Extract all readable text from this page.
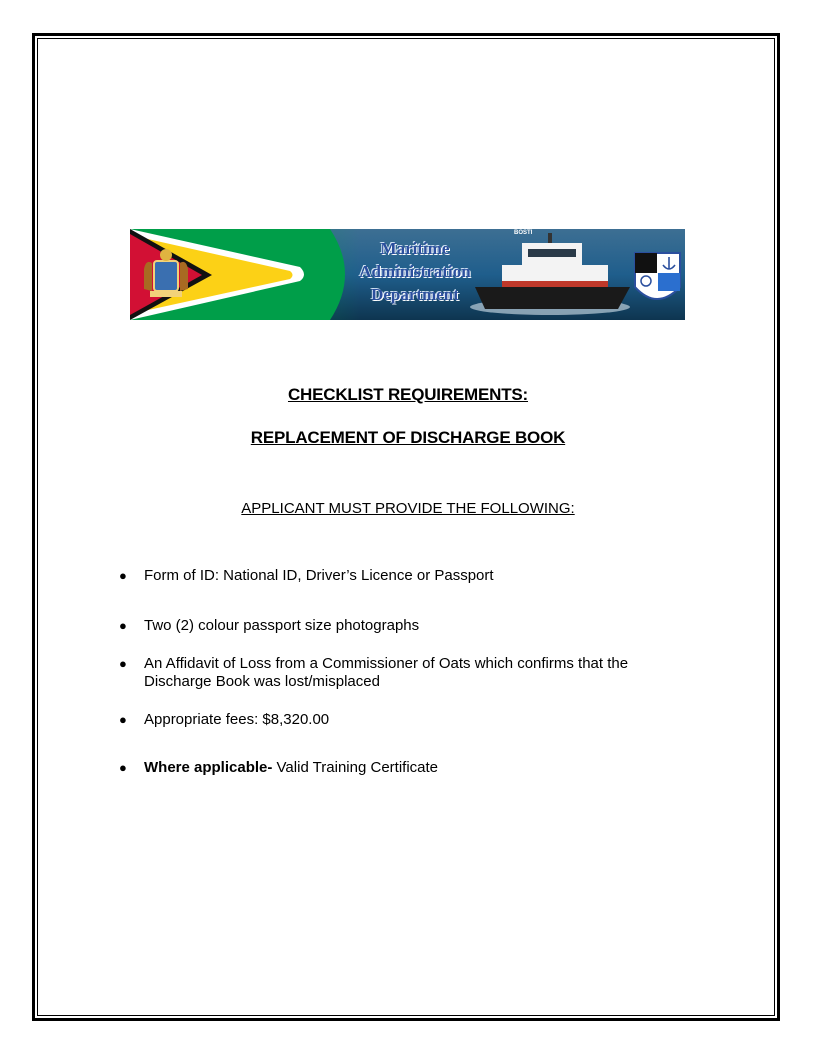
Maritime
Administration
Department
BOSTI
CHECKLIST REQUIREMENTS:
REPLACEMENT OF DISCHARGE BOOK
APPLICANT MUST PROVIDE THE FOLLOWING:
● Form of ID: National ID, Driver’s Licence or Passport
● Two (2) colour passport size photographs
● An Affidavit of Loss from a Commissioner of Oats which confirms that the Discharge Book was lost/misplaced
● Appropriate fees: $8,320.00
● Where applicable- Valid Training Certificate
